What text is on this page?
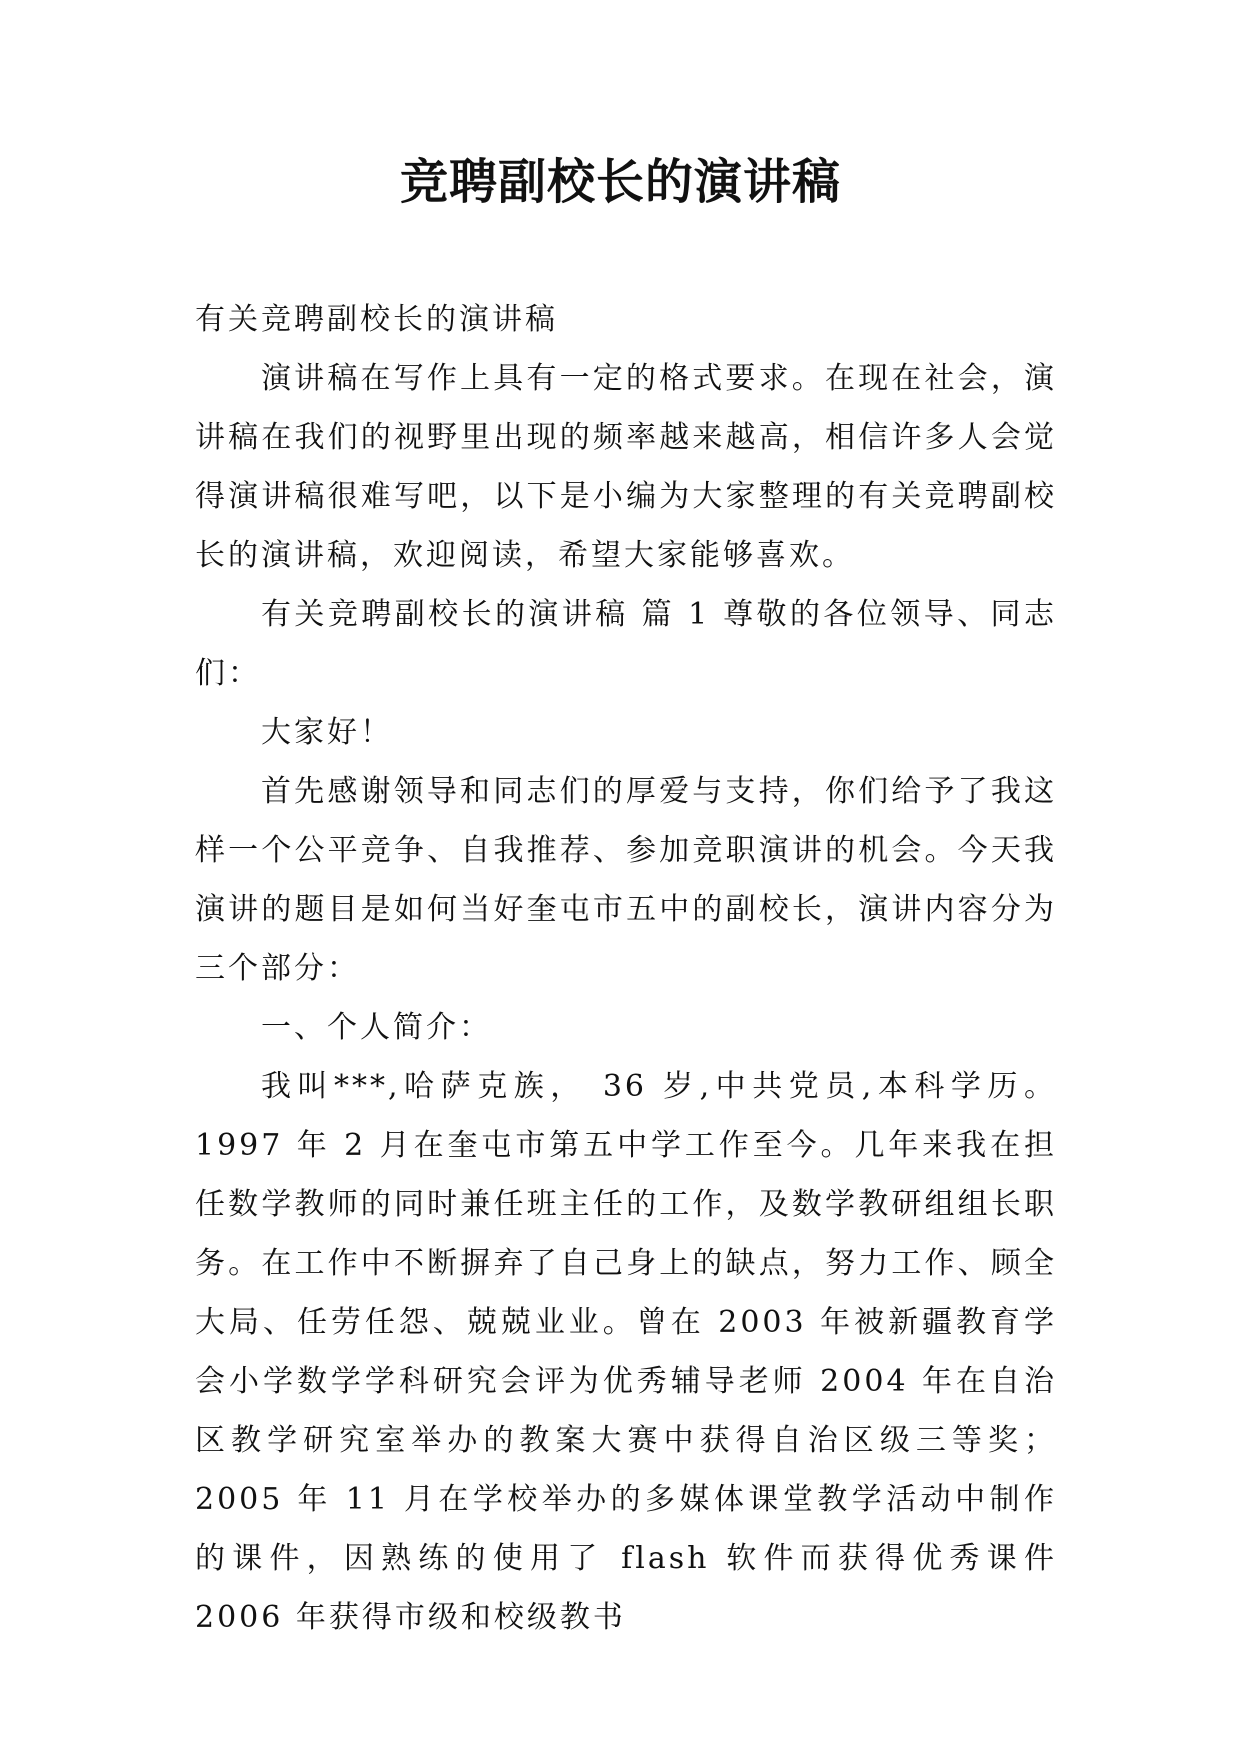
竞聘副校长的演讲稿

有关竞聘副校长的演讲稿

演讲稿在写作上具有一定的格式要求。在现在社会，演讲稿在我们的视野里出现的频率越来越高，相信许多人会觉得演讲稿很难写吧，以下是小编为大家整理的有关竞聘副校长的演讲稿，欢迎阅读，希望大家能够喜欢。

有关竞聘副校长的演讲稿 篇 1 尊敬的各位领导、同志们：

大家好！

首先感谢领导和同志们的厚爱与支持，你们给予了我这样一个公平竞争、自我推荐、参加竞职演讲的机会。今天我演讲的题目是如何当好奎屯市五中的副校长，演讲内容分为三个部分：

一、个人简介：

我叫***,哈萨克族， 36 岁,中共党员,本科学历。1997 年 2 月在奎屯市第五中学工作至今。几年来我在担任数学教师的同时兼任班主任的工作，及数学教研组组长职务。在工作中不断摒弃了自己身上的缺点，努力工作、顾全大局、任劳任怨、兢兢业业。曾在 2003 年被新疆教育学会小学数学学科研究会评为优秀辅导老师 2004 年在自治区教学研究室举办的教案大赛中获得自治区级三等奖；2005 年 11 月在学校举办的多媒体课堂教学活动中制作的课件，因熟练的使用了 flash 软件而获得优秀课件 2006 年获得市级和校级教书
